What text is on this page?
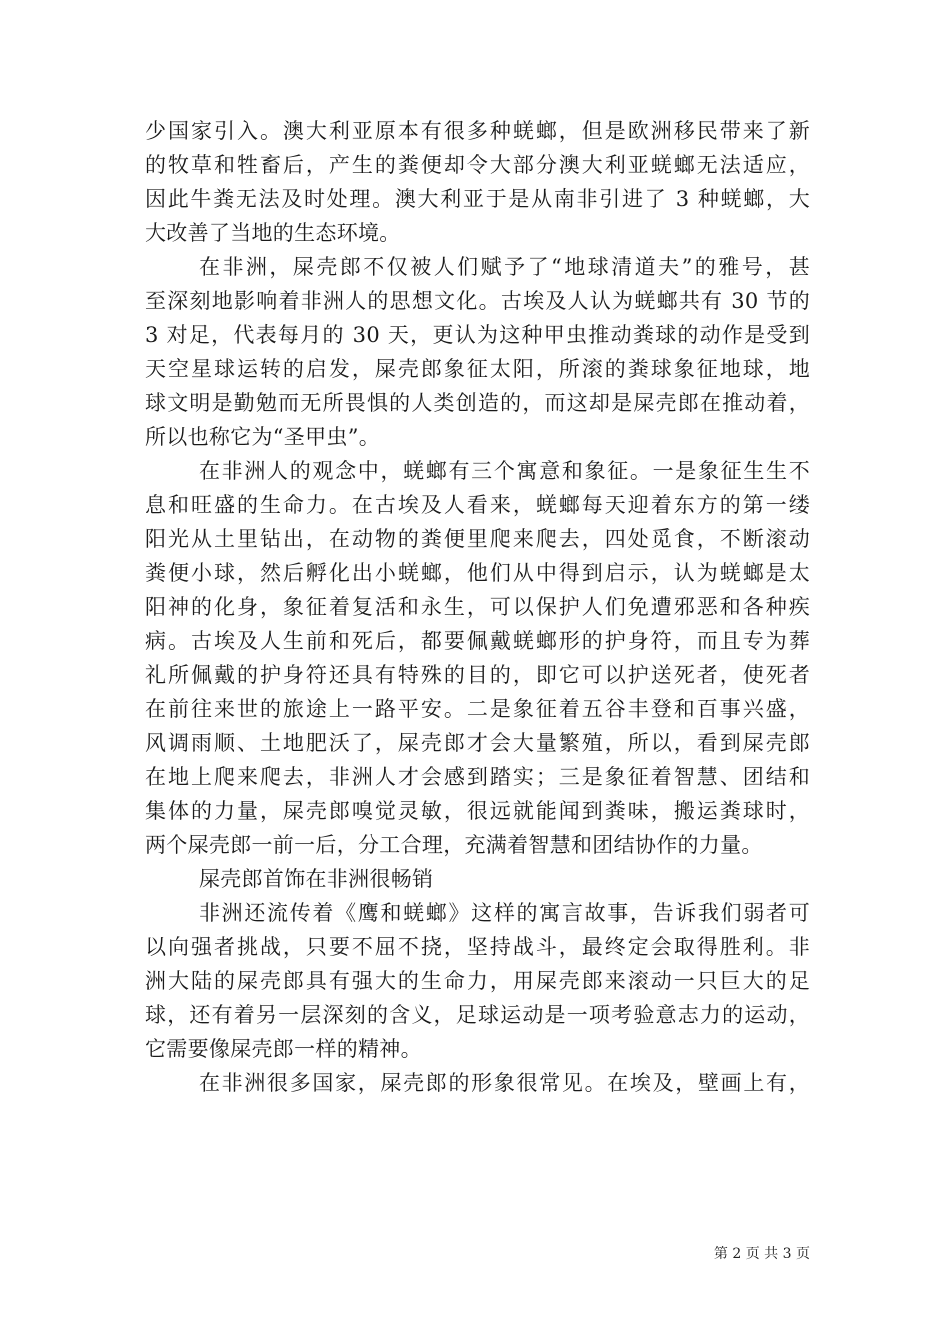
少国家引入。澳大利亚原本有很多种蜣螂，但是欧洲移民带来了新
的牧草和牲畜后，产生的粪便却令大部分澳大利亚蜣螂无法适应，
因此牛粪无法及时处理。澳大利亚于是从南非引进了 3 种蜣螂，大
大改善了当地的生态环境。
在非洲，屎壳郎不仅被人们赋予了“地球清道夫”的雅号，甚
至深刻地影响着非洲人的思想文化。古埃及人认为蜣螂共有 30 节的
3 对足，代表每月的 30 天，更认为这种甲虫推动粪球的动作是受到
天空星球运转的启发，屎壳郎象征太阳，所滚的粪球象征地球，地
球文明是勤勉而无所畏惧的人类创造的，而这却是屎壳郎在推动着，
所以也称它为“圣甲虫”。
在非洲人的观念中，蜣螂有三个寓意和象征。一是象征生生不
息和旺盛的生命力。在古埃及人看来，蜣螂每天迎着东方的第一缕
阳光从土里钻出，在动物的粪便里爬来爬去，四处觅食，不断滚动
粪便小球，然后孵化出小蜣螂，他们从中得到启示，认为蜣螂是太
阳神的化身，象征着复活和永生，可以保护人们免遭邪恶和各种疾
病。古埃及人生前和死后，都要佩戴蜣螂形的护身符，而且专为葬
礼所佩戴的护身符还具有特殊的目的，即它可以护送死者，使死者
在前往来世的旅途上一路平安。二是象征着五谷丰登和百事兴盛，
风调雨顺、土地肥沃了，屎壳郎才会大量繁殖，所以，看到屎壳郎
在地上爬来爬去，非洲人才会感到踏实；三是象征着智慧、团结和
集体的力量，屎壳郎嗅觉灵敏，很远就能闻到粪味，搬运粪球时，
两个屎壳郎一前一后，分工合理，充满着智慧和团结协作的力量。
屎壳郎首饰在非洲很畅销
非洲还流传着《鹰和蜣螂》这样的寓言故事，告诉我们弱者可
以向强者挑战，只要不屈不挠，坚持战斗，最终定会取得胜利。非
洲大陆的屎壳郎具有强大的生命力，用屎壳郎来滚动一只巨大的足
球，还有着另一层深刻的含义，足球运动是一项考验意志力的运动，
它需要像屎壳郎一样的精神。
在非洲很多国家，屎壳郎的形象很常见。在埃及，壁画上有，
第 2 页 共 3 页
